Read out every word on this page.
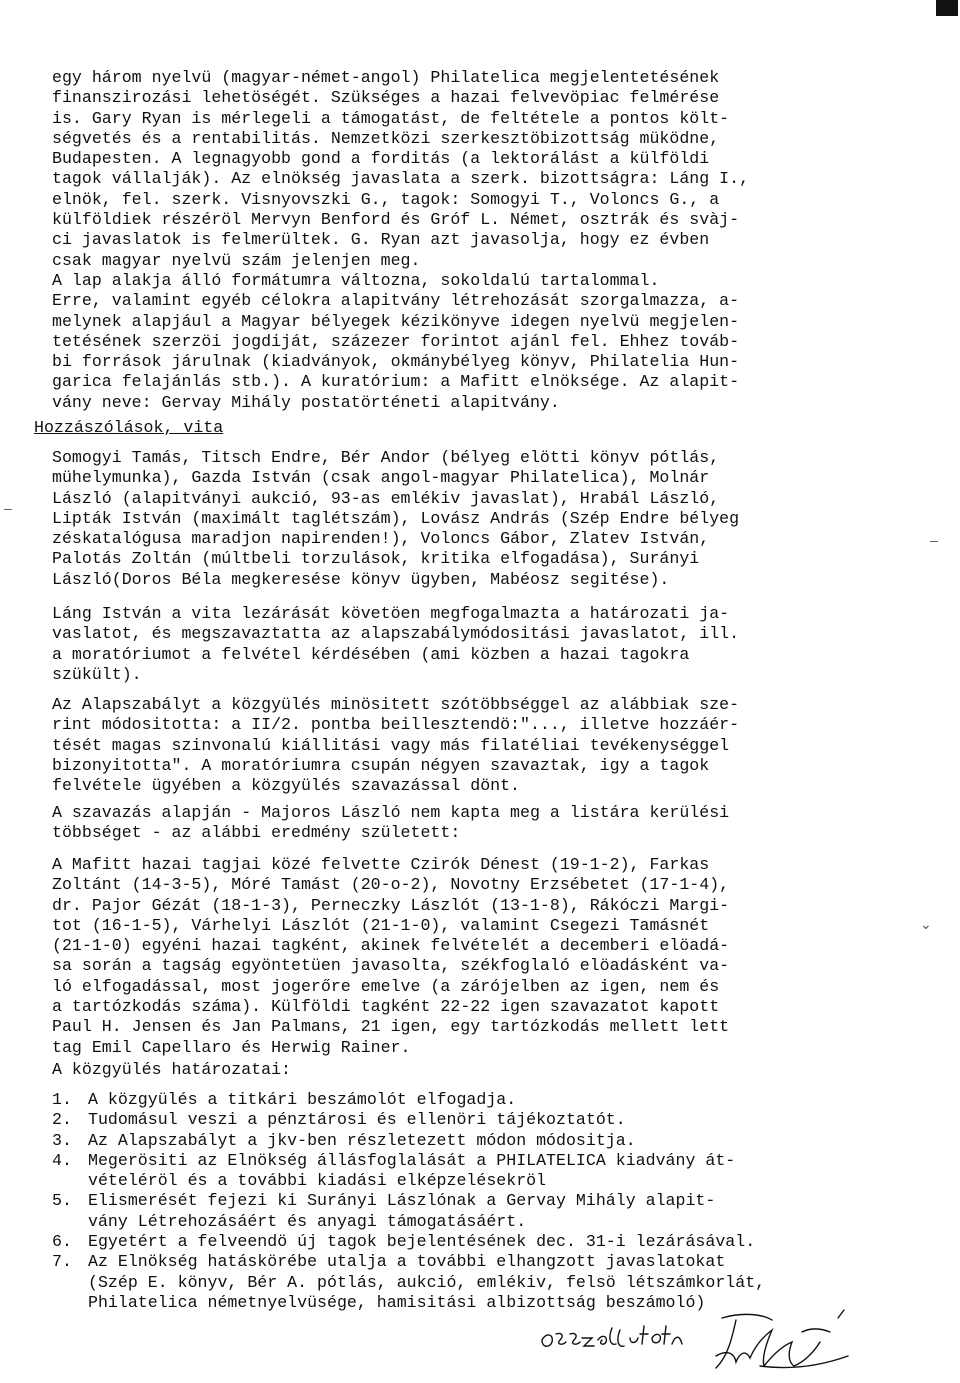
egy három nyelvü (magyar-német-angol) Philatelica megjelentetésének
finanszirozási lehetöségét. Szükséges a hazai felvevöpiac felmérése
is. Gary Ryan is mérlegeli a támogatást, de feltétele a pontos költ-
ségvetés és a rentabilitás. Nemzetközi szerkesztöbizottság müködne,
Budapesten. A legnagyobb gond a forditás (a lektorálást a külföldi
tagok vállalják). Az elnökség javaslata a szerk. bizottságra: Láng I.,
elnök, fel. szerk. Visnyovszki G., tagok: Somogyi T., Voloncs G., a
külföldiek részéröl Mervyn Benford és Gróf L. Német, osztrák és svàj-
ci javaslatok is felmerültek. G. Ryan azt javasolja, hogy ez évben
csak magyar nyelvü szám jelenjen meg.
A lap alakja álló formátumra változna, sokoldalú tartalommal.
Erre, valamint egyéb célokra alapitvány létrehozását szorgalmazza, a-
melynek alapjául a Magyar bélyegek kézikönyve idegen nyelvü megjelen-
tetésének szerzöi jogdiját, százezer forintot ajánl fel. Ehhez továb-
bi források járulnak (kiadványok, okmánybélyeg könyv, Philatelia Hun-
garica felajánlás stb.). A kuratórium: a Mafitt elnöksége. Az alapit-
vány neve: Gervay Mihály postatörténeti alapitvány.
Hozzászólások, vita
Somogyi Tamás, Titsch Endre, Bér Andor (bélyeg elötti könyv pótlás,
mühelymunka), Gazda István (csak angol-magyar Philatelica), Molnár
László (alapitványi aukció, 93-as emlékiv javaslat), Hrabál László,
Lipták István (maximált taglétszám), Lovász András (Szép Endre bélyeg
zéskatalógusa maradjon napirenden!), Voloncs Gábor, Zlatev István,
Palotás Zoltán (múltbeli torzulások, kritika elfogadása), Surányi
László(Doros Béla megkeresése könyv ügyben, Mabéosz segitése).
Láng István a vita lezárását követöen megfogalmazta a határozati ja-
vaslatot, és megszavaztatta az alapszabálymódositási javaslatot, ill.
a moratóriumot a felvétel kérdésében (ami közben a hazai tagokra
szükült).
Az Alapszabályt a közgyülés minösitett szótöbbséggel az alábbiak sze-
rint módositotta: a II/2. pontba beillesztendö:"..., illetve hozzáér-
tését magas szinvonalú kiállitási vagy más filatéliai tevékenységgel
bizonyitotta". A moratóriumra csupán négyen szavaztak, igy a tagok
felvétele ügyében a közgyülés szavazással dönt.
A szavazás alapján - Majoros László nem kapta meg a listára kerülési
többséget - az alábbi eredmény született:
A Mafitt hazai tagjai közé felvette Czirók Dénest (19-1-2), Farkas
Zoltánt (14-3-5), Móré Tamást (20-o-2), Novotny Erzsébetet (17-1-4),
dr. Pajor Gézát (18-1-3), Perneczky Lászlót (13-1-8), Rákóczi Margi-
tot (16-1-5), Várhelyi Lászlót (21-1-0), valamint Csegezi Tamásnét
(21-1-0) egyéni hazai tagként, akinek felvételét a decemberi elöadá-
sa során a tagság egyöntetüen javasolta, székfoglaló elöadásként va-
ló elfogadással, most jogerőre emelve (a zárójelben az igen, nem és
a tartózkodás száma). Külföldi tagként 22-22 igen szavazatot kapott
Paul H. Jensen és Jan Palmans, 21 igen, egy tartózkodás mellett lett
tag Emil Capellaro és Herwig Rainer.
A közgyülés határozatai:
1. A közgyülés a titkári beszámolót elfogadja.
2. Tudomásul veszi a pénztárosi és ellenöri tájékoztatót.
3. Az Alapszabályt a jkv-ben részletezett módon módositja.
4. Megerösiti az Elnökség állásfoglalását a PHILATELICA kiadvány át-
vételéröl és a további kiadási elképzelésekröl
5. Elismerését fejezi ki Surányi Lászlónak a Gervay Mihály alapit-
vány Létrehozásáért és anyagi támogatásáért.
6. Egyetért a felveendö új tagok bejelentésének dec. 31-i lezárásával.
7. Az Elnökség hatáskörébe utalja a további elhangzott javaslatokat
(Szép E. könyv, Bér A. pótlás, aukció, emlékiv, felsö létszámkorlát,
Philatelica németnyelvüsége, hamisitási albizottság beszámoló)
–
–
⌄
